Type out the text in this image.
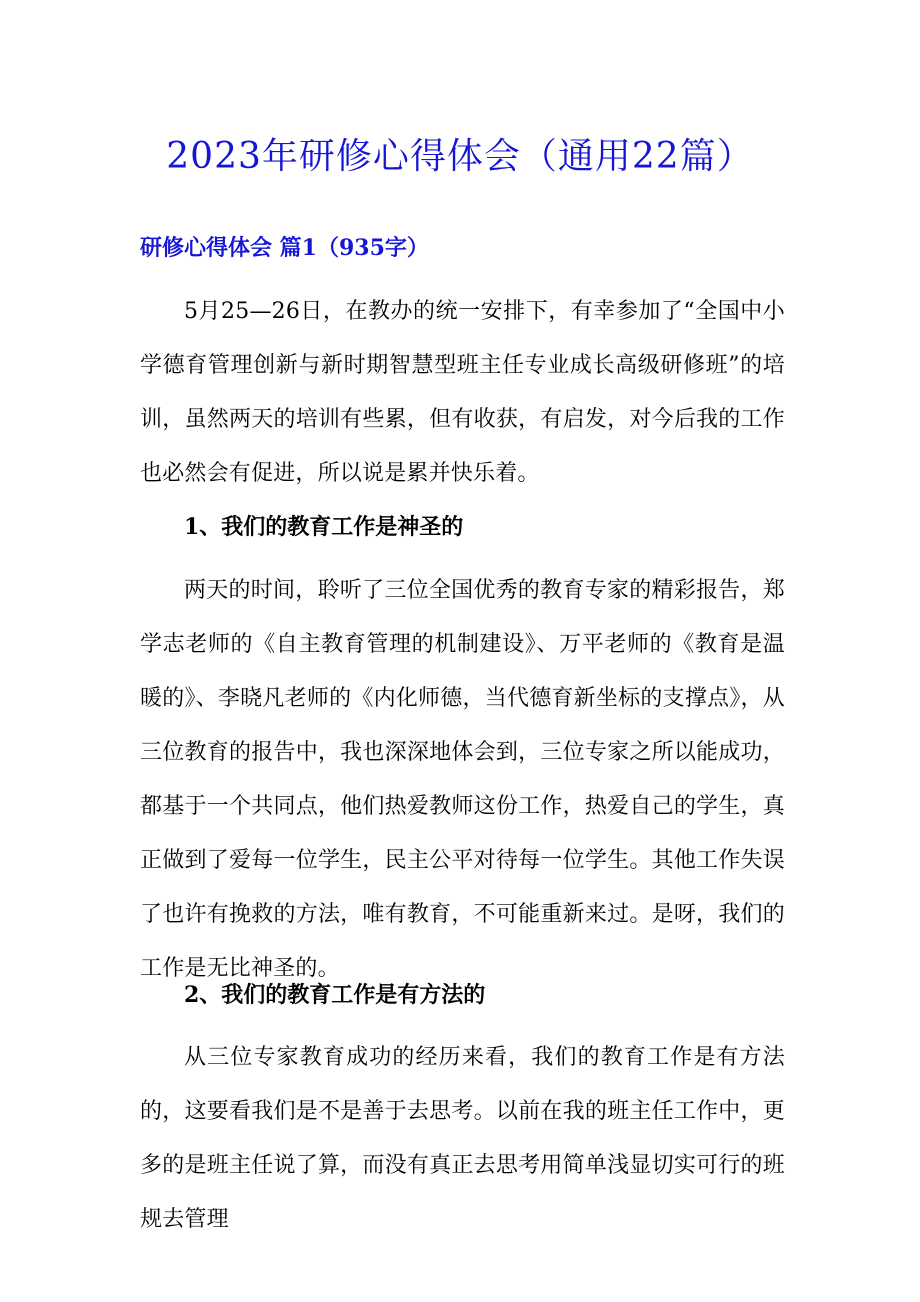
2023年研修心得体会（通用22篇）
研修心得体会 篇1（935字）

5月25—26日，在教办的统一安排下，有幸参加了“全国中小学德育管理创新与新时期智慧型班主任专业成长高级研修班”的培训，虽然两天的培训有些累，但有收获，有启发，对今后我的工作也必然会有促进，所以说是累并快乐着。

1、我们的教育工作是神圣的

两天的时间，聆听了三位全国优秀的教育专家的精彩报告，郑学志老师的《自主教育管理的机制建设》、万平老师的《教育是温暖的》、李晓凡老师的《内化师德，当代德育新坐标的支撑点》，从三位教育的报告中，我也深深地体会到，三位专家之所以能成功，都基于一个共同点，他们热爱教师这份工作，热爱自己的学生，真正做到了爱每一位学生，民主公平对待每一位学生。其他工作失误了也许有挽救的方法，唯有教育，不可能重新来过。是呀，我们的工作是无比神圣的。

2、我们的教育工作是有方法的

从三位专家教育成功的经历来看，我们的教育工作是有方法的，这要看我们是不是善于去思考。以前在我的班主任工作中，更多的是班主任说了算，而没有真正去思考用简单浅显切实可行的班规去管理
